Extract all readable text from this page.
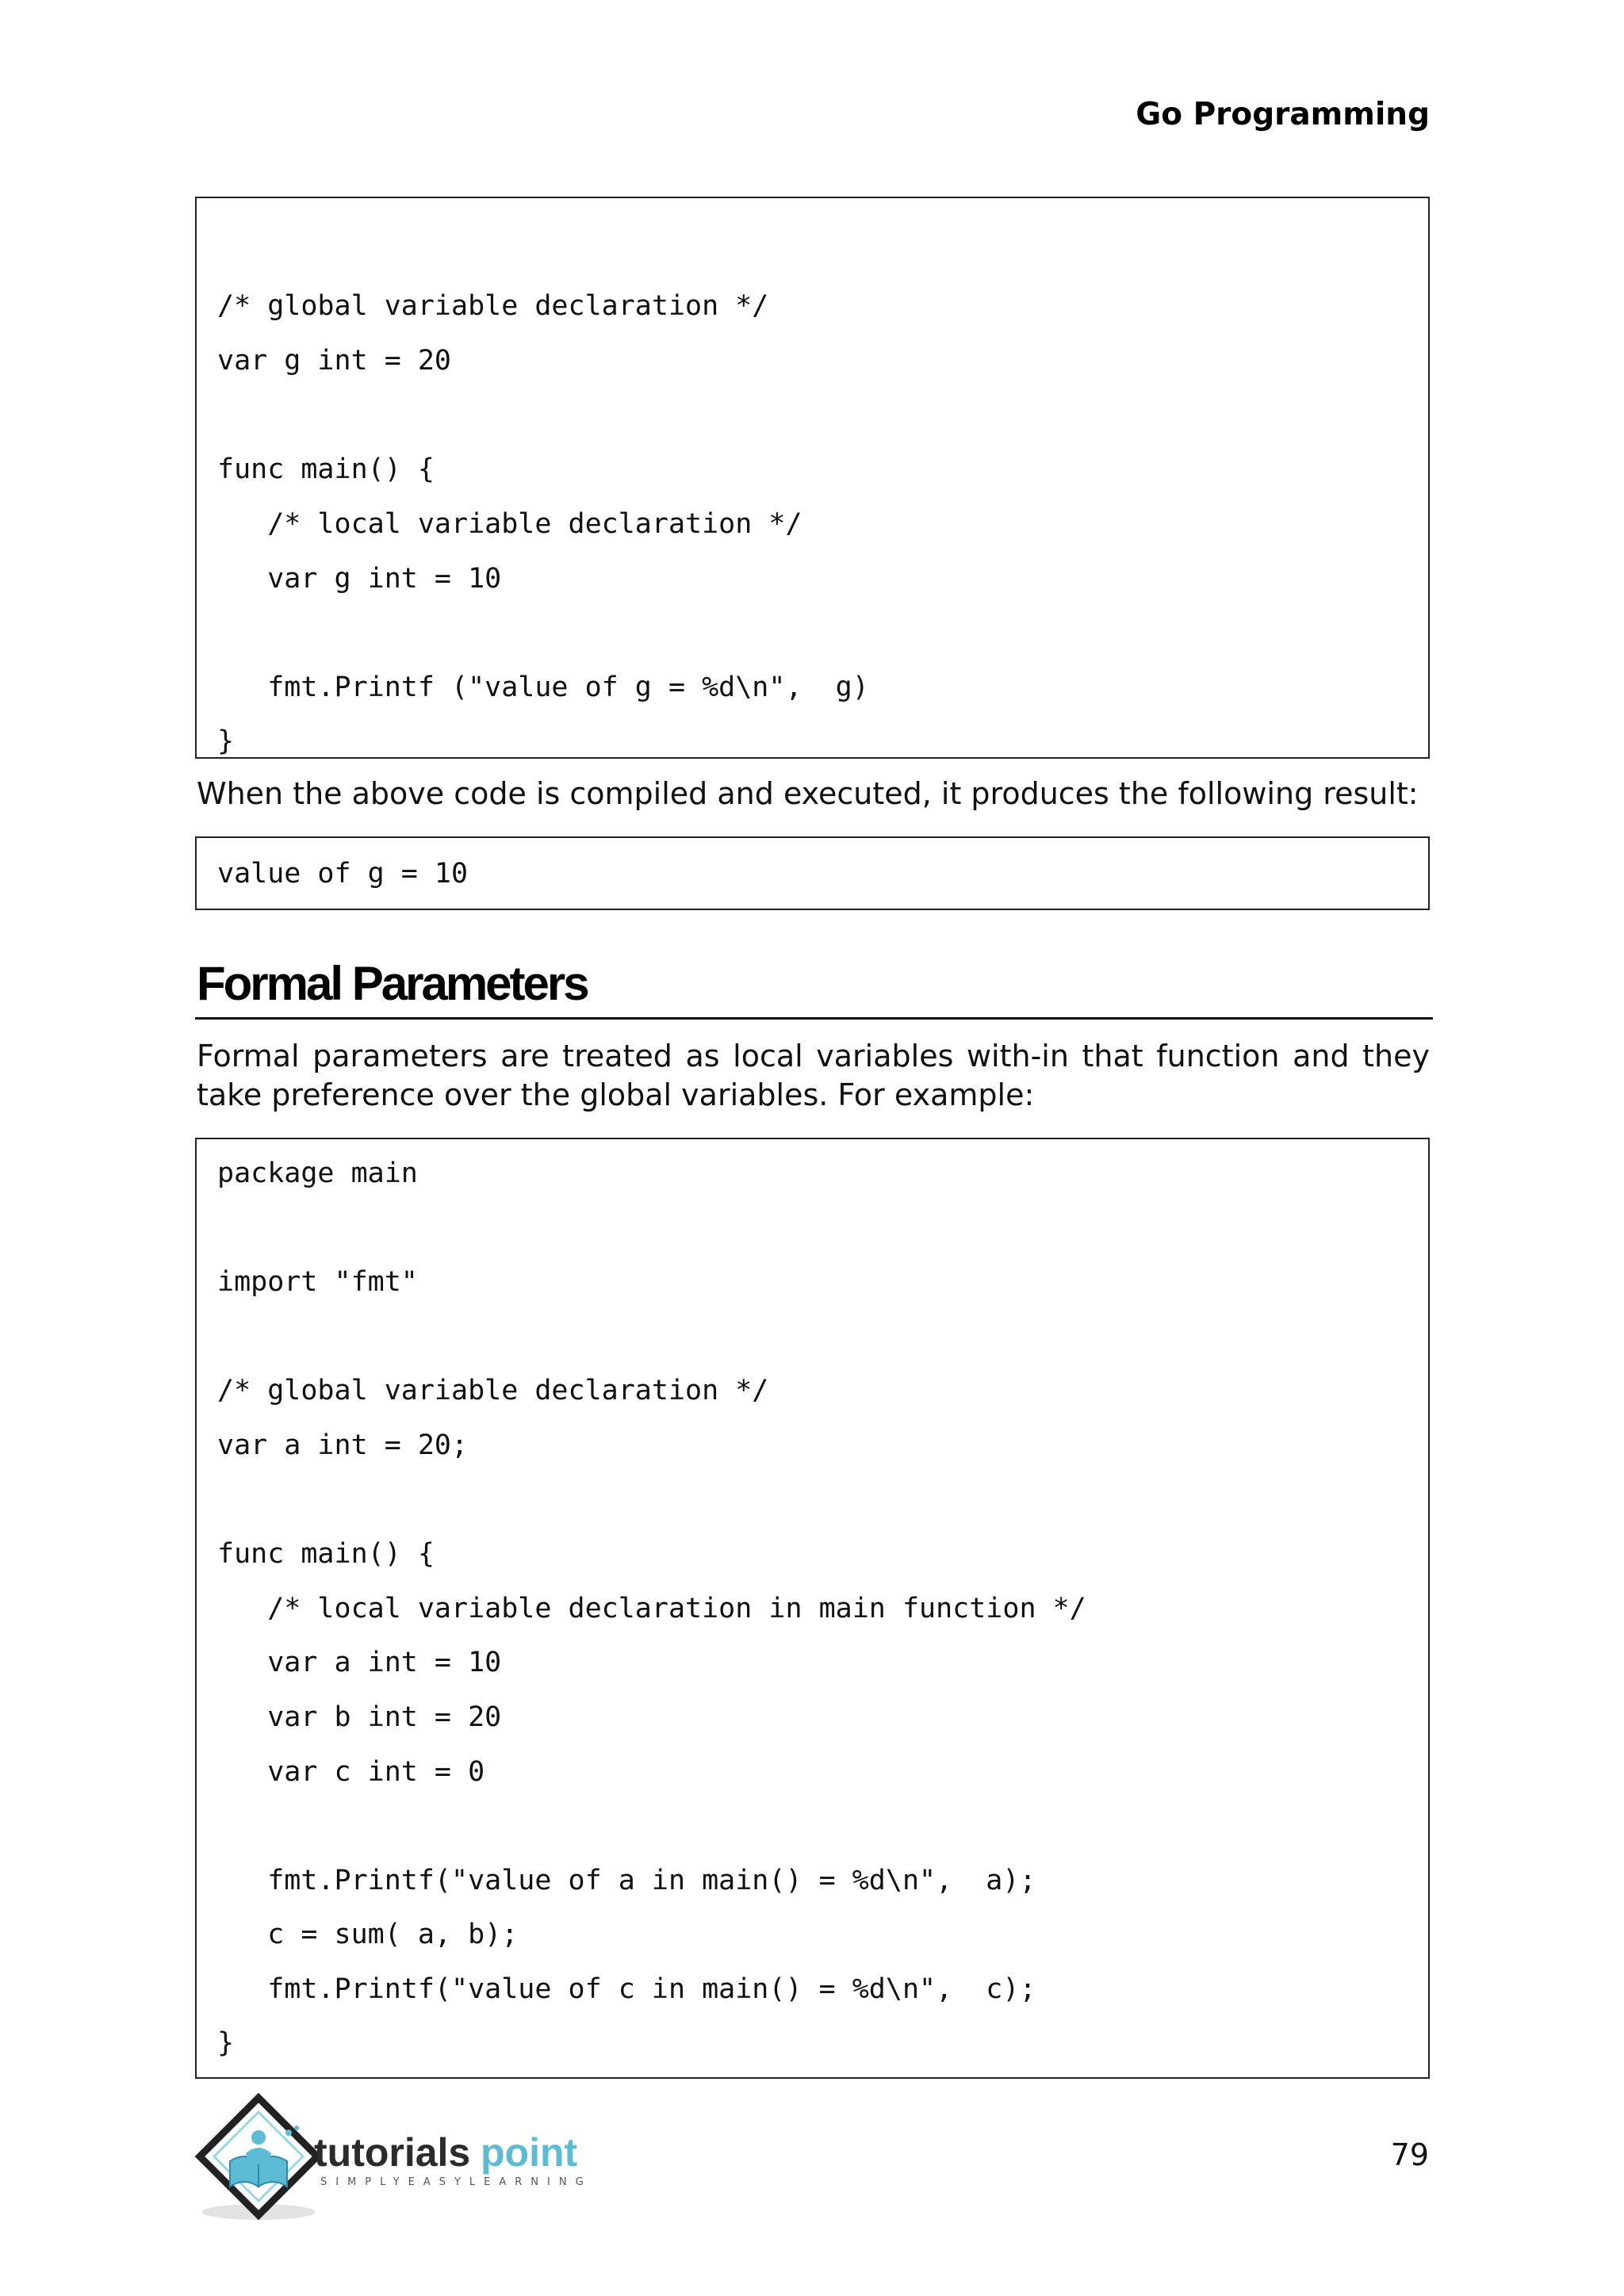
Go Programming
/* global variable declaration */
var g int = 20
func main() {
/* local variable declaration */
var g int = 10
fmt.Printf ("value of g = %d\n",  g)
}
When the above code is compiled and executed, it produces the following result:
value of g = 10
Formal Parameters
Formal parameters are treated as local variables with-in that function and they take preference over the global variables. For example:
package main
import "fmt"
/* global variable declaration */
var a int = 20;
func main() {
/* local variable declaration in main function */
var a int = 10
var b int = 20
var c int = 0
fmt.Printf("value of a in main() = %d\n",  a);
c = sum( a, b);
fmt.Printf("value of c in main() = %d\n",  c);
}
tutorials point
SIMPLYEASYLEARNING
79
